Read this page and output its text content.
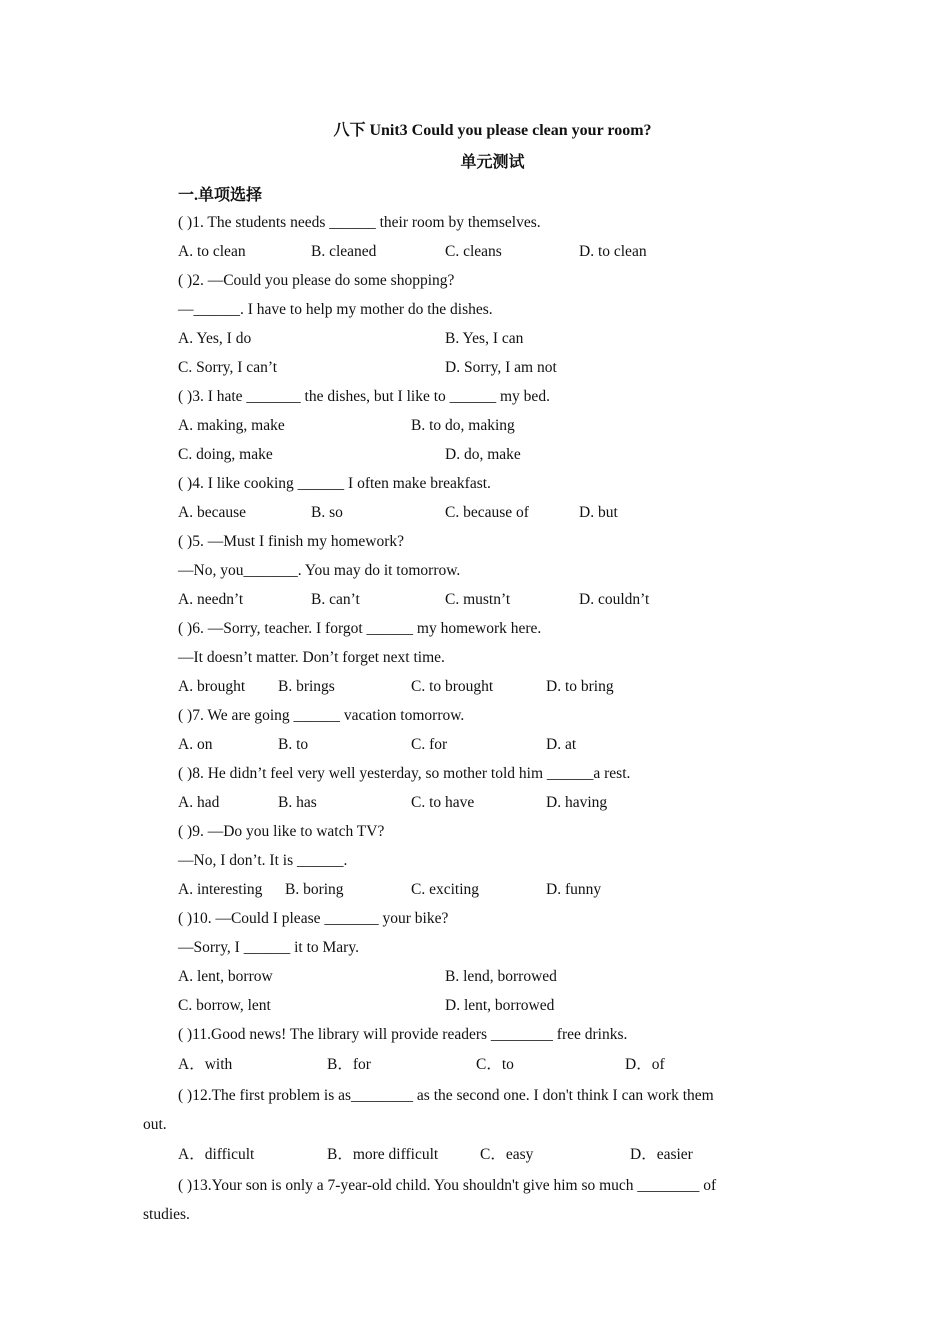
八下 Unit3 Could you please clean your room?
单元测试
一.单项选择
( )1. The students needs ______ their room by themselves.
A. to clean	B. cleaned	C. cleans	D. to clean
( )2. —Could you please do some shopping?
—______. I have to help my mother do the dishes.
A. Yes, I do	B. Yes, I can
C. Sorry, I can’t	D. Sorry, I am not
( )3. I hate _______ the dishes, but I like to ______ my bed.
A. making, make	B. to do, making
C. doing, make	D. do, make
( )4. I like cooking ______ I often make breakfast.
A. because	B. so	C. because of	D. but
( )5. —Must I finish my homework?
—No, you_______. You may do it tomorrow.
A. needn’t	B. can’t	C. mustn’t	D. couldn’t
( )6. —Sorry, teacher. I forgot ______ my homework here.
—It doesn’t matter. Don’t forget next time.
A. brought B. brings	C. to brought	D. to bring
( )7. We are going ______ vacation tomorrow.
A. on	B. to	C. for	D. at
( )8. He didn’t feel very well yesterday, so mother told him ______a rest.
A. had	B. has	C. to have	D. having
( )9. —Do you like to watch TV?
—No, I don’t. It is ______.
A. interesting B. boring	C. exciting	D. funny
( )10. —Could I please _______ your bike?
—Sorry, I ______ it to Mary.
A. lent, borrow	B. lend, borrowed
C. borrow, lent	D. lent, borrowed
( )11.Good news! The library will provide readers ________ free drinks.
A．with	B．for	C．to	D．of
( )12.The first problem is as________ as the second one. I don't think I can work them
out.
A．difficult	B．more difficult	C．easy	D．easier
( )13.Your son is only a 7-year-old child. You shouldn't give him so much ________ of
studies.
